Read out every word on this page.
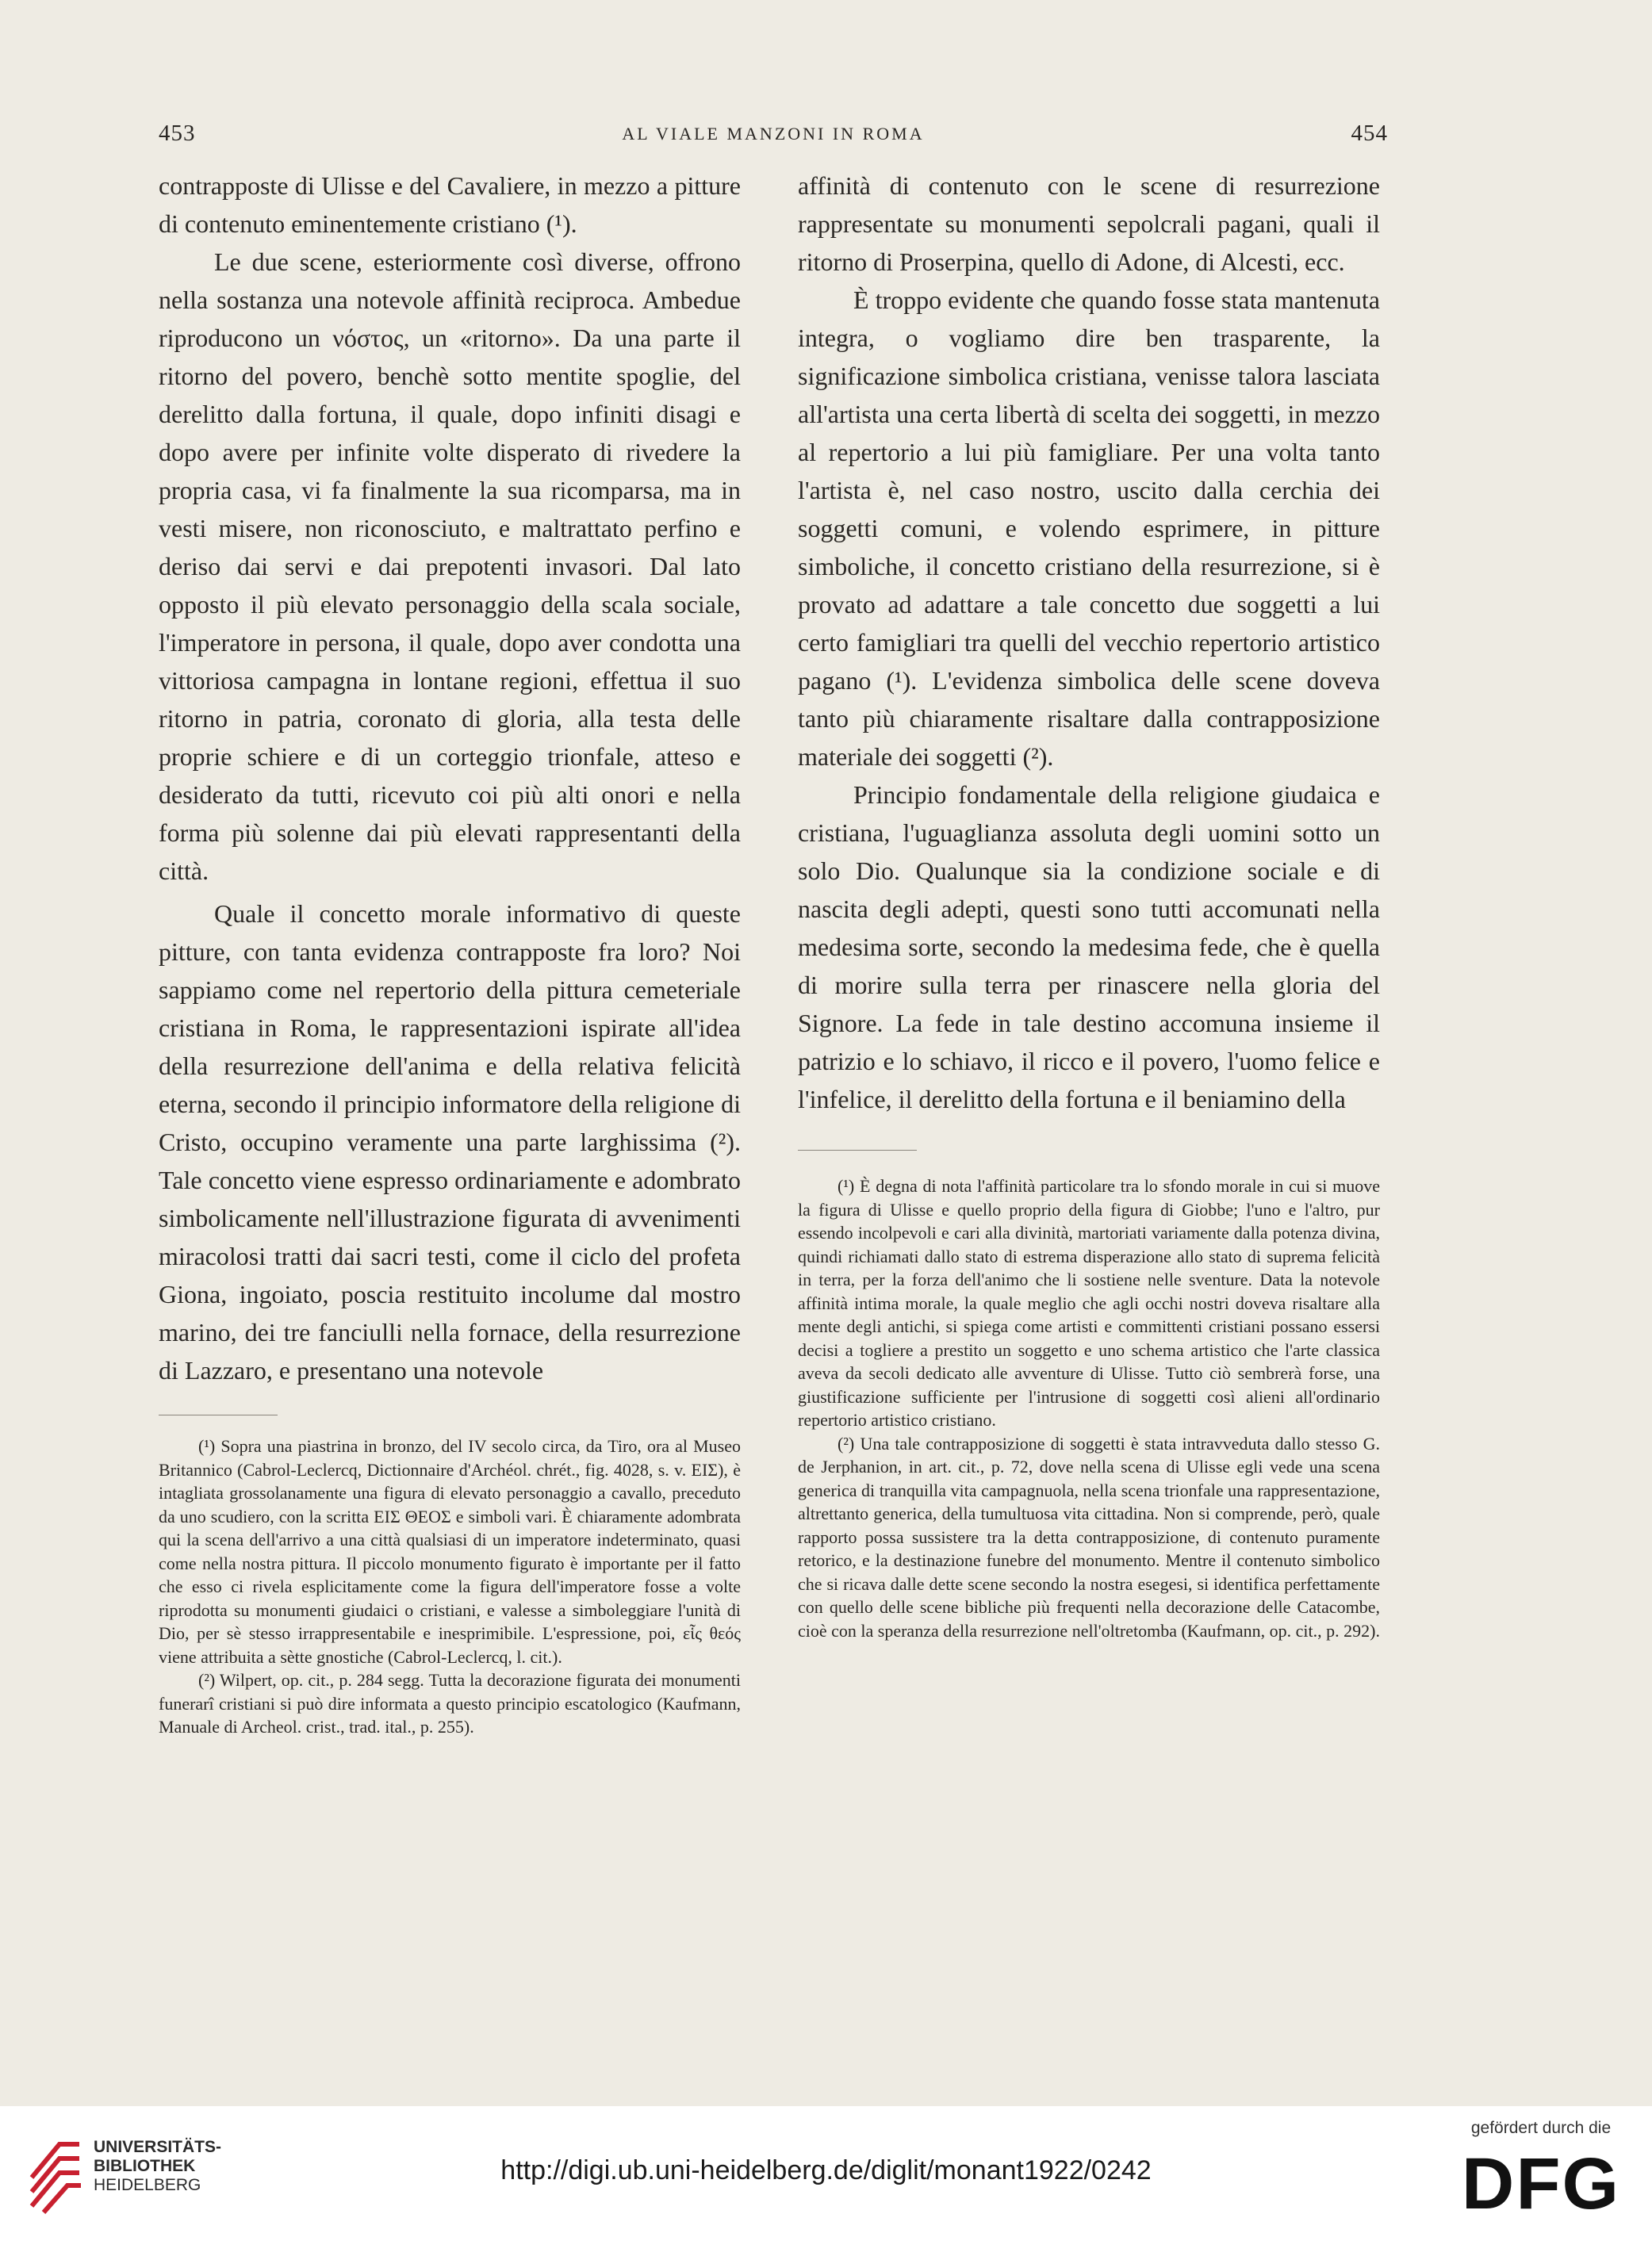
453	AL VIALE MANZONI IN ROMA	454

contrapposte di Ulisse e del Cavaliere, in mezzo a pitture di contenuto eminentemente cristiano (¹).

Le due scene, esteriormente così diverse, offrono nella sostanza una notevole affinità reciproca. Ambedue riproducono un νόστος, un «ritorno». Da una parte il ritorno del povero, benchè sotto mentite spoglie, del derelitto dalla fortuna, il quale, dopo infiniti disagi e dopo avere per infinite volte disperato di rivedere la propria casa, vi fa finalmente la sua ricomparsa, ma in vesti misere, non riconosciuto, e maltrattato perfino e deriso dai servi e dai prepotenti invasori. Dal lato opposto il più elevato personaggio della scala sociale, l'imperatore in persona, il quale, dopo aver condotta una vittoriosa campagna in lontane regioni, effettua il suo ritorno in patria, coronato di gloria, alla testa delle proprie schiere e di un corteggio trionfale, atteso e desiderato da tutti, ricevuto coi più alti onori e nella forma più solenne dai più elevati rappresentanti della città.

Quale il concetto morale informativo di queste pitture, con tanta evidenza contrapposte fra loro? Noi sappiamo come nel repertorio della pittura cemeteriale cristiana in Roma, le rappresentazioni ispirate all'idea della resurrezione dell'anima e della relativa felicità eterna, secondo il principio informatore della religione di Cristo, occupino veramente una parte larghissima (²). Tale concetto viene espresso ordinariamente e adombrato simbolicamente nell'illustrazione figurata di avvenimenti miracolosi tratti dai sacri testi, come il ciclo del profeta Giona, ingoiato, poscia restituito incolume dal mostro marino, dei tre fanciulli nella fornace, della resurrezione di Lazzaro, e presentano una notevole

(¹) Sopra una piastrina in bronzo, del IV secolo circa, da Tiro, ora al Museo Britannico (Cabrol-Leclercq, Dictionnaire d'Archéol. chrét., fig. 4028, s. v. ΕΙΣ), è intagliata grossolanamente una figura di elevato personaggio a cavallo, preceduto da uno scudiero, con la scritta ΕΙΣ ΘΕΟΣ e simboli vari. È chiaramente adombrata qui la scena dell'arrivo a una città qualsiasi di un imperatore indeterminato, quasi come nella nostra pittura. Il piccolo monumento figurato è importante per il fatto che esso ci rivela esplicitamente come la figura dell'imperatore fosse a volte riprodotta su monumenti giudaici o cristiani, e valesse a simboleggiare l'unità di Dio, per sè stesso irrappresentabile e inesprimibile. L'espressione, poi, εἷς θεός viene attribuita a sètte gnostiche (Cabrol-Leclercq, l. cit.).

(²) Wilpert, op. cit., p. 284 segg. Tutta la decorazione figurata dei monumenti funerarî cristiani si può dire informata a questo principio escatologico (Kaufmann, Manuale di Archeol. crist., trad. ital., p. 255).

affinità di contenuto con le scene di resurrezione rappresentate su monumenti sepolcrali pagani, quali il ritorno di Proserpina, quello di Adone, di Alcesti, ecc.

È troppo evidente che quando fosse stata mantenuta integra, o vogliamo dire ben trasparente, la significazione simbolica cristiana, venisse talora lasciata all'artista una certa libertà di scelta dei soggetti, in mezzo al repertorio a lui più famigliare. Per una volta tanto l'artista è, nel caso nostro, uscito dalla cerchia dei soggetti comuni, e volendo esprimere, in pitture simboliche, il concetto cristiano della resurrezione, si è provato ad adattare a tale concetto due soggetti a lui certo famigliari tra quelli del vecchio repertorio artistico pagano (¹). L'evidenza simbolica delle scene doveva tanto più chiaramente risaltare dalla contrapposizione materiale dei soggetti (²).

Principio fondamentale della religione giudaica e cristiana, l'uguaglianza assoluta degli uomini sotto un solo Dio. Qualunque sia la condizione sociale e di nascita degli adepti, questi sono tutti accomunati nella medesima sorte, secondo la medesima fede, che è quella di morire sulla terra per rinascere nella gloria del Signore. La fede in tale destino accomuna insieme il patrizio e lo schiavo, il ricco e il povero, l'uomo felice e l'infelice, il derelitto della fortuna e il beniamino della

(¹) È degna di nota l'affinità particolare tra lo sfondo morale in cui si muove la figura di Ulisse e quello proprio della figura di Giobbe; l'uno e l'altro, pur essendo incolpevoli e cari alla divinità, martoriati variamente dalla potenza divina, quindi richiamati dallo stato di estrema disperazione allo stato di suprema felicità in terra, per la forza dell'animo che li sostiene nelle sventure. Data la notevole affinità intima morale, la quale meglio che agli occhi nostri doveva risaltare alla mente degli antichi, si spiega come artisti e committenti cristiani possano essersi decisi a togliere a prestito un soggetto e uno schema artistico che l'arte classica aveva da secoli dedicato alle avventure di Ulisse. Tutto ciò sembrerà forse, una giustificazione sufficiente per l'intrusione di soggetti così alieni all'ordinario repertorio artistico cristiano.

(²) Una tale contrapposizione di soggetti è stata intravveduta dallo stesso G. de Jerphanion, in art. cit., p. 72, dove nella scena di Ulisse egli vede una scena generica di tranquilla vita campagnuola, nella scena trionfale una rappresentazione, altrettanto generica, della tumultuosa vita cittadina. Non si comprende, però, quale rapporto possa sussistere tra la detta contrapposizione, di contenuto puramente retorico, e la destinazione funebre del monumento. Mentre il contenuto simbolico che si ricava dalle dette scene secondo la nostra esegesi, si identifica perfettamente con quello delle scene bibliche più frequenti nella decorazione delle Catacombe, cioè con la speranza della resurrezione nell'oltretomba (Kaufmann, op. cit., p. 292).

UNIVERSITÄTS-
BIBLIOTHEK
HEIDELBERG	http://digi.ub.uni-heidelberg.de/diglit/monant1922/0242
gefördert durch die
DFG
